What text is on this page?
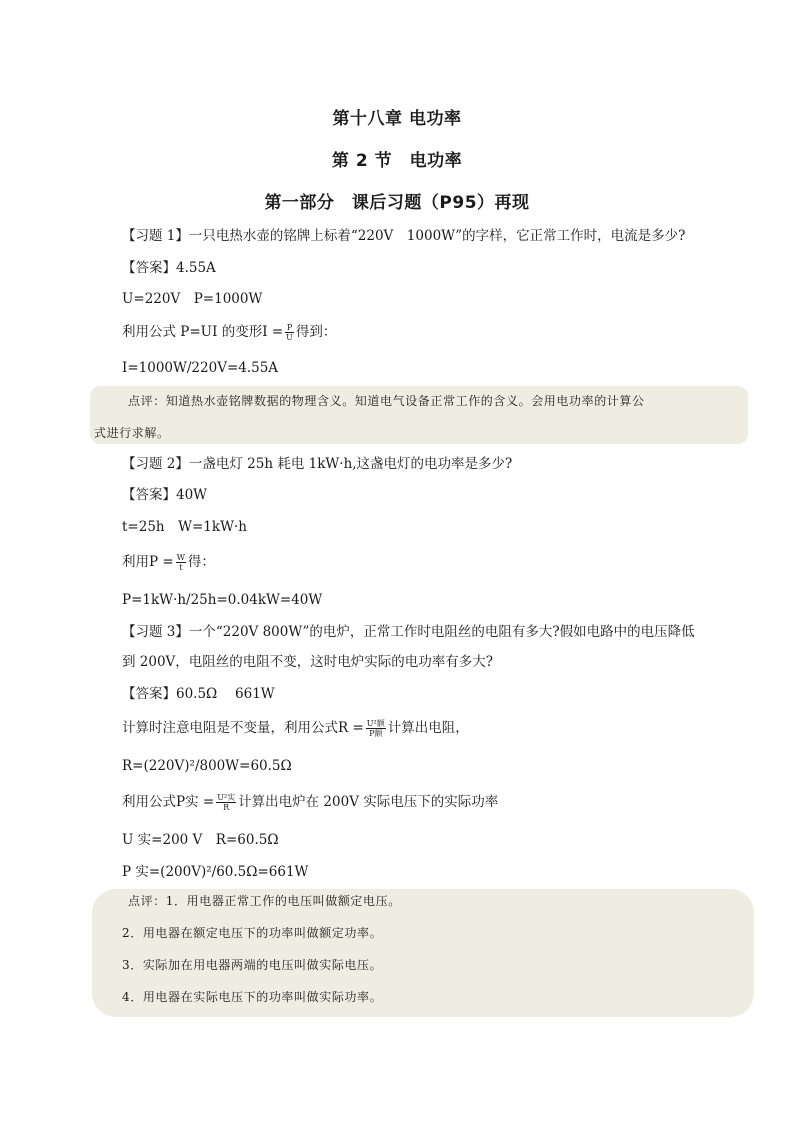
第十八章 电功率
第 2 节　电功率
第一部分　课后习题（P95）再现
【习题 1】一只电热水壶的铭牌上标着“220V　1000W”的字样，它正常工作时，电流是多少?
【答案】4.55A
U=220V　P=1000W
利用公式 P=UI 的变形$I = \frac{P}{U}$ 得到：
I=1000W/220V=4.55A
点评：知道热水壶铭牌数据的物理含义。知道电气设备正常工作的含义。会用电功率的计算公
式进行求解。
【习题 2】一盏电灯 25h 耗电 1kW·h,这盏电灯的电功率是多少?
【答案】40W
t=25h　W=1kW·h
利用$P = \frac{W}{t}$ 得：
P=1kW·h/25h=0.04kW=40W
【习题 3】一个“220V 800W”的电炉，正常工作时电阻丝的电阻有多大?假如电路中的电压降低
到 200V，电阻丝的电阻不变，这时电炉实际的电功率有多大?
【答案】60.5Ω　 661W
计算时注意电阻是不变量，利用公式$R = \frac{\text{U²额}}{\text{P额}}$ 计算出电阻，
R=(220V)²/800W=60.5Ω
利用公式P实 = $\frac{\text{U²实}}{R}$ 计算出电炉在 200V 实际电压下的实际功率
U 实=200 V　R=60.5Ω
P 实=(200V)²/60.5Ω=661W
点评：1．用电器正常工作的电压叫做额定电压。
2．用电器在额定电压下的功率叫做额定功率。
3．实际加在用电器两端的电压叫做实际电压。
4．用电器在实际电压下的功率叫做实际功率。
